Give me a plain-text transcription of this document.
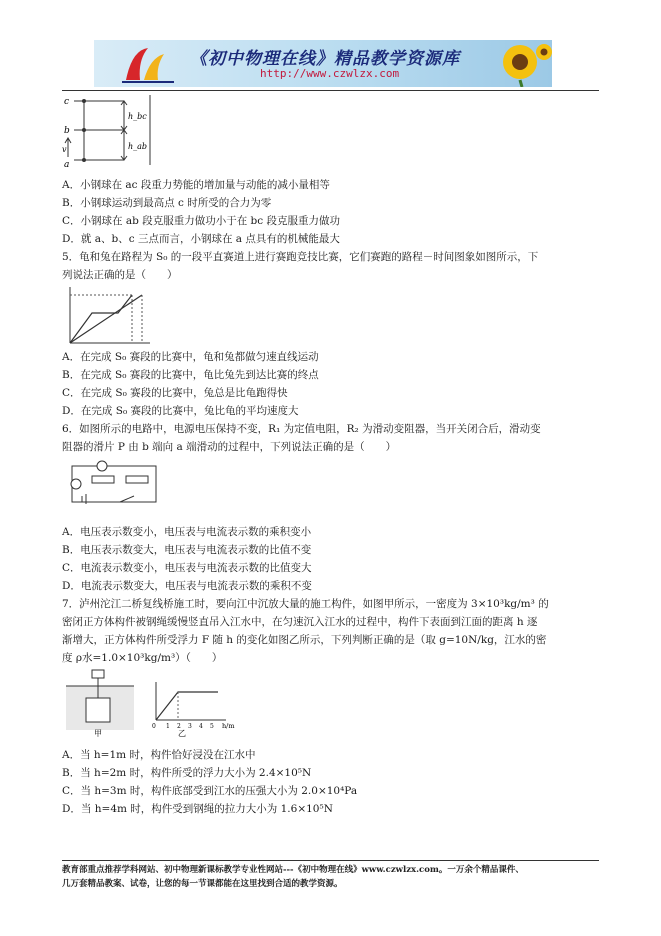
《初中物理在线》精品教学资源库
http://www.czwlzx.com
c
b
a
v
h_bc
h_ab
A．小钢球在 ac 段重力势能的增加量与动能的减小量相等
B．小钢球运动到最高点 c 时所受的合力为零
C．小钢球在 ab 段克服重力做功小于在 bc 段克服重力做功
D．就 a、b、c 三点而言，小钢球在 a 点具有的机械能最大
5．龟和兔在路程为 S₀ 的一段平直赛道上进行赛跑竞技比赛，它们赛跑的路程－时间图象如图所示，下
列说法正确的是（　　）
A．在完成 S₀ 赛段的比赛中，龟和兔都做匀速直线运动
B．在完成 S₀ 赛段的比赛中，龟比兔先到达比赛的终点
C．在完成 S₀ 赛段的比赛中，兔总是比龟跑得快
D．在完成 S₀ 赛段的比赛中，兔比龟的平均速度大
6．如图所示的电路中，电源电压保持不变，R₁ 为定值电阻，R₂ 为滑动变阻器，当开关闭合后，滑动变
阻器的滑片 P 由 b 端向 a 端滑动的过程中，下列说法正确的是（　　）
A．电压表示数变小，电压表与电流表示数的乘积变小
B．电压表示数变大，电压表与电流表示数的比值不变
C．电流表示数变小，电压表与电流表示数的比值变大
D．电流表示数变大，电压表与电流表示数的乘积不变
7．泸州沱江二桥复线桥施工时，要向江中沉放大量的施工构件，如图甲所示，一密度为 3×10³kg/m³ 的
密闭正方体构件被钢绳缓慢竖直吊入江水中，在匀速沉入江水的过程中，构件下表面到江面的距离 h 逐
渐增大，正方体构件所受浮力 F 随 h 的变化如图乙所示，下列判断正确的是（取 g=10N/kg，江水的密
度 ρ水=1.0×10³kg/m³）（　　）
甲
h/m
0 1 2 3 4 5
乙
A．当 h=1m 时，构件恰好浸没在江水中
B．当 h=2m 时，构件所受的浮力大小为 2.4×10⁵N
C．当 h=3m 时，构件底部受到江水的压强大小为 2.0×10⁴Pa
D．当 h=4m 时，构件受到钢绳的拉力大小为 1.6×10⁵N
教育部重点推荐学科网站、初中物理新课标教学专业性网站---《初中物理在线》www.czwlzx.com。一万余个精品课件、
几万套精品教案、试卷，让您的每一节课都能在这里找到合适的教学资源。
